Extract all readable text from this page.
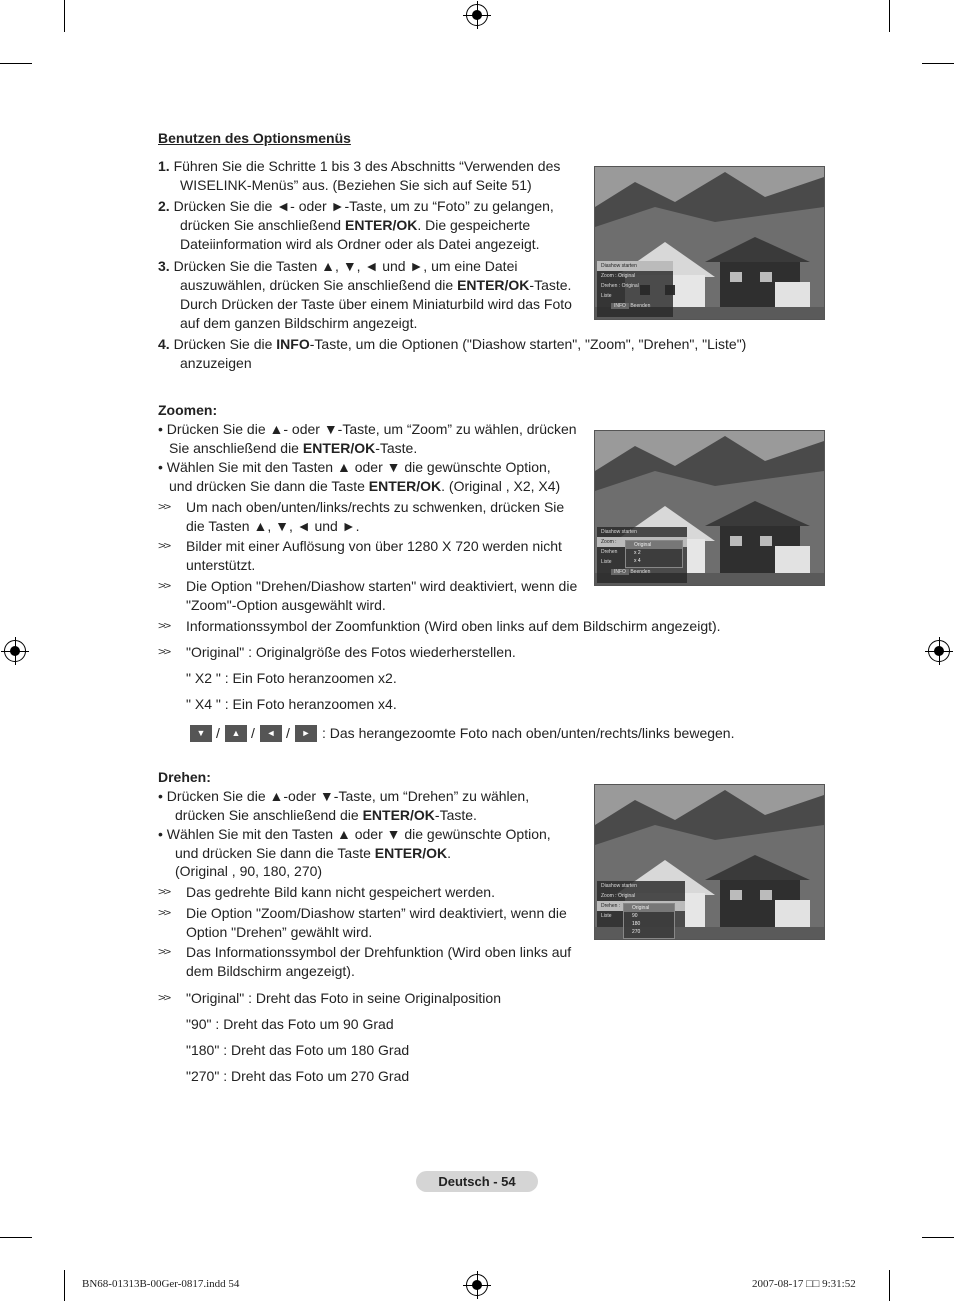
Benutzen des Optionsmenüs
1. Führen Sie die Schritte 1 bis 3 des Abschnitts “Verwenden des
WISELINK-Menüs” aus. (Beziehen Sie sich auf Seite 51)
2. Drücken Sie die ◄- oder ►-Taste, um zu “Foto” zu gelangen,
drücken Sie anschließend ENTER/OK. Die gespeicherte
Dateiinformation wird als Ordner oder als Datei angezeigt.
3. Drücken Sie die Tasten ▲, ▼, ◄ und ►, um eine Datei
auszuwählen, drücken Sie anschließend die ENTER/OK-Taste.
Durch Drücken der Taste über einem Miniaturbild wird das Foto
auf dem ganzen Bildschirm angezeigt.
4. Drücken Sie die INFO-Taste, um die Optionen ("Diashow starten", "Zoom", "Drehen", "Liste")
anzuzeigen
Diashow starten
Zoom : Original
Drehen : Original
Liste
INFO Beenden
Zoomen:
• Drücken Sie die ▲- oder ▼-Taste, um “Zoom” zu wählen, drücken
Sie anschließend die ENTER/OK-Taste.
• Wählen Sie mit den Tasten ▲ oder ▼ die gewünschte Option,
und drücken Sie dann die Taste ENTER/OK. (Original , X2, X4)
>> Um nach oben/unten/links/rechts zu schwenken, drücken Sie
die Tasten ▲, ▼, ◄ und ►.
>> Bilder mit einer Auflösung von über 1280 X 720 werden nicht
unterstützt.
>> Die Option "Drehen/Diashow starten" wird deaktiviert, wenn die
"Zoom"-Option ausgewählt wird.
>> Informationssymbol der Zoomfunktion (Wird oben links auf dem Bildschirm angezeigt).
>> "Original" : Originalgröße des Fotos wiederherstellen.
" X2 " : Ein Foto heranzoomen x2.
" X4 " : Ein Foto heranzoomen x4.
▼ /	▲ /	◄ /	► : Das herangezoomte Foto nach oben/unten/rechts/links bewegen.
Diashow starten
Zoom :
Drehen
Liste
INFO Beenden
Original
x 2
x 4
Drehen:
• Drücken Sie die ▲-oder ▼-Taste, um “Drehen” zu wählen,
drücken Sie anschließend die ENTER/OK-Taste.
• Wählen Sie mit den Tasten ▲ oder ▼ die gewünschte Option,
und drücken Sie dann die Taste ENTER/OK.
(Original , 90, 180, 270)
>> Das gedrehte Bild kann nicht gespeichert werden.
>> Die Option "Zoom/Diashow starten” wird deaktiviert, wenn die
Option "Drehen” gewählt wird.
>> Das Informationssymbol der Drehfunktion (Wird oben links auf
dem Bildschirm angezeigt).
>> "Original" : Dreht das Foto in seine Originalposition
"90" : Dreht das Foto um 90 Grad
"180" : Dreht das Foto um 180 Grad
"270" : Dreht das Foto um 270 Grad
Diashow starten
Zoom : Original
Drehen :
Liste
Original
90
180
270
Deutsch - 54
BN68-01313B-00Ger-0817.indd 54	2007-08-17 □□ 9:31:52
